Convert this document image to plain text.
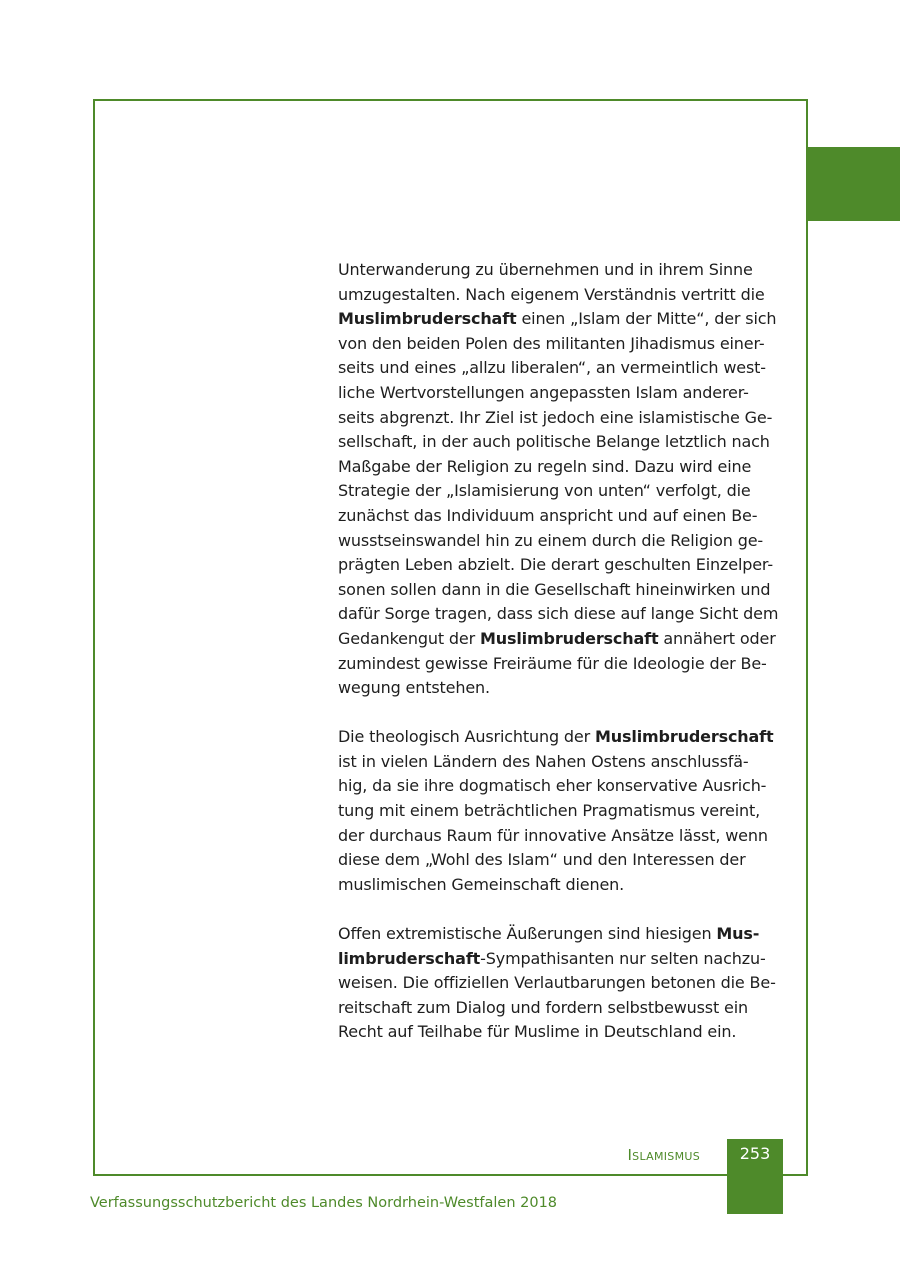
Unterwanderung zu übernehmen und in ihrem Sinne
umzugestalten. Nach eigenem Verständnis vertritt die
Muslimbruderschaft einen „Islam der Mitte“, der sich
von den beiden Polen des militanten Jihadismus einer-
seits und eines „allzu liberalen“, an vermeintlich west-
liche Wertvorstellungen angepassten Islam anderer-
seits abgrenzt. Ihr Ziel ist jedoch eine islamistische Ge-
sellschaft, in der auch politische Belange letztlich nach
Maßgabe der Religion zu regeln sind. Dazu wird eine
Strategie der „Islamisierung von unten“ verfolgt, die
zunächst das Individuum anspricht und auf einen Be-
wusstseinswandel hin zu einem durch die Religion ge-
prägten Leben abzielt. Die derart geschulten Einzelper-
sonen sollen dann in die Gesellschaft hineinwirken und
dafür Sorge tragen, dass sich diese auf lange Sicht dem
Gedankengut der Muslimbruderschaft annähert oder
zumindest gewisse Freiräume für die Ideologie der Be-
wegung entstehen.

Die theologisch Ausrichtung der Muslimbruderschaft
ist in vielen Ländern des Nahen Ostens anschlussfä-
hig, da sie ihre dogmatisch eher konservative Ausrich-
tung mit einem beträchtlichen Pragmatismus vereint,
der durchaus Raum für innovative Ansätze lässt, wenn
diese dem „Wohl des Islam“ und den Interessen der
muslimischen Gemeinschaft dienen.

Offen extremistische Äußerungen sind hiesigen Mus-
limbruderschaft-Sympathisanten nur selten nachzu-
weisen. Die offiziellen Verlautbarungen betonen die Be-
reitschaft zum Dialog und fordern selbstbewusst ein
Recht auf Teilhabe für Muslime in Deutschland ein.

Islamismus	253
Verfassungsschutzbericht des Landes Nordrhein-Westfalen 2018
